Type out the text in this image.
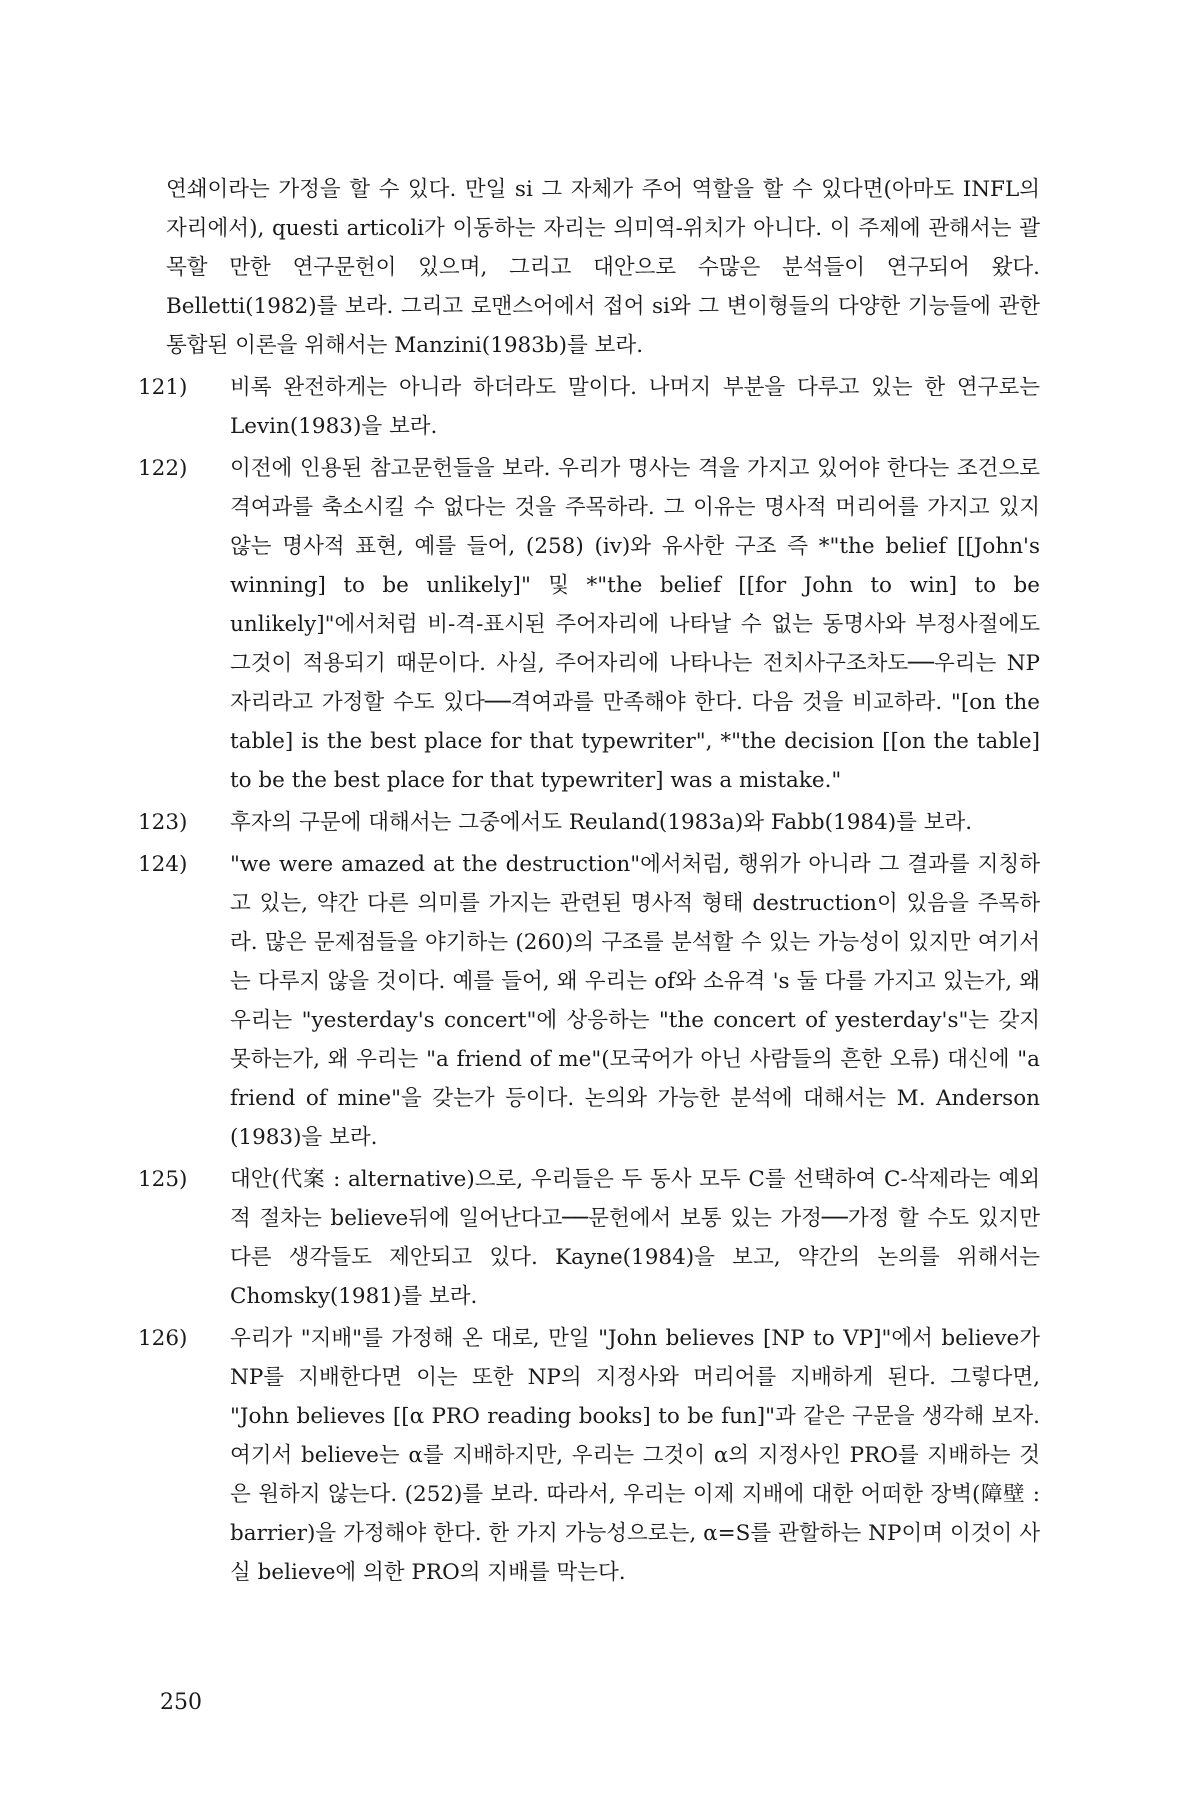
연쇄이라는 가정을 할 수 있다. 만일 si 그 자체가 주어 역할을 할 수 있다면(아마도 INFL의 자리에서), questi articoli가 이동하는 자리는 의미역-위치가 아니다. 이 주제에 관해서는 괄목할 만한 연구문헌이 있으며, 그리고 대안으로 수많은 분석들이 연구되어 왔다. Belletti(1982)를 보라. 그리고 로맨스어에서 접어 si와 그 변이형들의 다양한 기능들에 관한 통합된 이론을 위해서는 Manzini(1983b)를 보라.

121) 비록 완전하게는 아니라 하더라도 말이다. 나머지 부분을 다루고 있는 한 연구로는 Levin(1983)을 보라.
122) 이전에 인용된 참고문헌들을 보라. 우리가 명사는 격을 가지고 있어야 한다는 조건으로 격여과를 축소시킬 수 없다는 것을 주목하라. 그 이유는 명사적 머리어를 가지고 있지 않는 명사적 표현, 예를 들어, (258) (iv)와 유사한 구조 즉 *"the belief [[John's winning] to be unlikely]" 및 *"the belief [[for John to win] to be unlikely]"에서처럼 비-격-표시된 주어자리에 나타날 수 없는 동명사와 부정사절에도 그것이 적용되기 때문이다. 사실, 주어자리에 나타나는 전치사구조차도──우리는 NP 자리라고 가정할 수도 있다──격여과를 만족해야 한다. 다음 것을 비교하라. "[on the table] is the best place for that typewriter", *"the decision [[on the table] to be the best place for that typewriter] was a mistake."
123) 후자의 구문에 대해서는 그중에서도 Reuland(1983a)와 Fabb(1984)를 보라.
124) "we were amazed at the destruction"에서처럼, 행위가 아니라 그 결과를 지칭하고 있는, 약간 다른 의미를 가지는 관련된 명사적 형태 destruction이 있음을 주목하라. 많은 문제점들을 야기하는 (260)의 구조를 분석할 수 있는 가능성이 있지만 여기서는 다루지 않을 것이다. 예를 들어, 왜 우리는 of와 소유격 's 둘 다를 가지고 있는가, 왜 우리는 "yesterday's concert"에 상응하는 "the concert of yesterday's"는 갖지 못하는가, 왜 우리는 "a friend of me"(모국어가 아닌 사람들의 흔한 오류) 대신에 "a friend of mine"을 갖는가 등이다. 논의와 가능한 분석에 대해서는 M. Anderson (1983)을 보라.
125) 대안(代案 : alternative)으로, 우리들은 두 동사 모두 C를 선택하여 C-삭제라는 예외적 절차는 believe뒤에 일어난다고──문헌에서 보통 있는 가정──가정 할 수도 있지만 다른 생각들도 제안되고 있다. Kayne(1984)을 보고, 약간의 논의를 위해서는 Chomsky(1981)를 보라.
126) 우리가 "지배"를 가정해 온 대로, 만일 "John believes [NP to VP]"에서 believe가 NP를 지배한다면 이는 또한 NP의 지정사와 머리어를 지배하게 된다. 그렇다면, "John believes [[α PRO reading books] to be fun]"과 같은 구문을 생각해 보자. 여기서 believe는 α를 지배하지만, 우리는 그것이 α의 지정사인 PRO를 지배하는 것은 원하지 않는다. (252)를 보라. 따라서, 우리는 이제 지배에 대한 어떠한 장벽(障壁 : barrier)을 가정해야 한다. 한 가지 가능성으로는, α=S를 관할하는 NP이며 이것이 사실 believe에 의한 PRO의 지배를 막는다.
250
